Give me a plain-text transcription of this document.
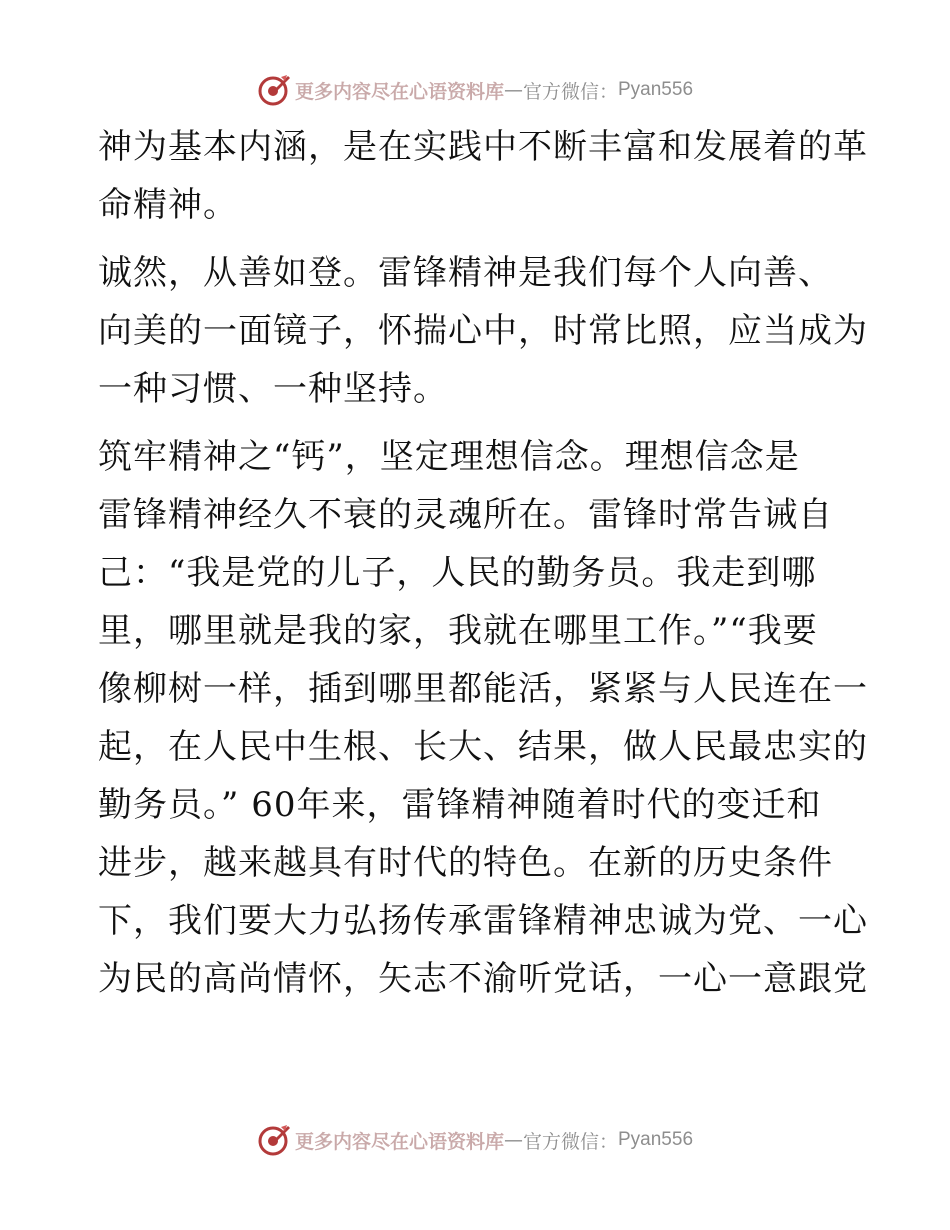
更多内容尽在心语资料库 — 官方微信： Pyan556

神为基本内涵，是在实践中不断丰富和发展着的革
命精神。

诚然，从善如登。雷锋精神是我们每个人向善、
向美的一面镜子，怀揣心中，时常比照，应当成为
一种习惯、一种坚持。

筑牢精神之“钙”，坚定理想信念。理想信念是
雷锋精神经久不衰的灵魂所在。雷锋时常告诫自
己：“我是党的儿子，人民的勤务员。我走到哪
里，哪里就是我的家，我就在哪里工作。”“我要
像柳树一样，插到哪里都能活，紧紧与人民连在一
起，在人民中生根、长大、结果，做人民最忠实的
勤务员。” 60年来，雷锋精神随着时代的变迁和
进步，越来越具有时代的特色。在新的历史条件
下，我们要大力弘扬传承雷锋精神忠诚为党、一心
为民的高尚情怀，矢志不渝听党话，一心一意跟党

更多内容尽在心语资料库 — 官方微信： Pyan556
